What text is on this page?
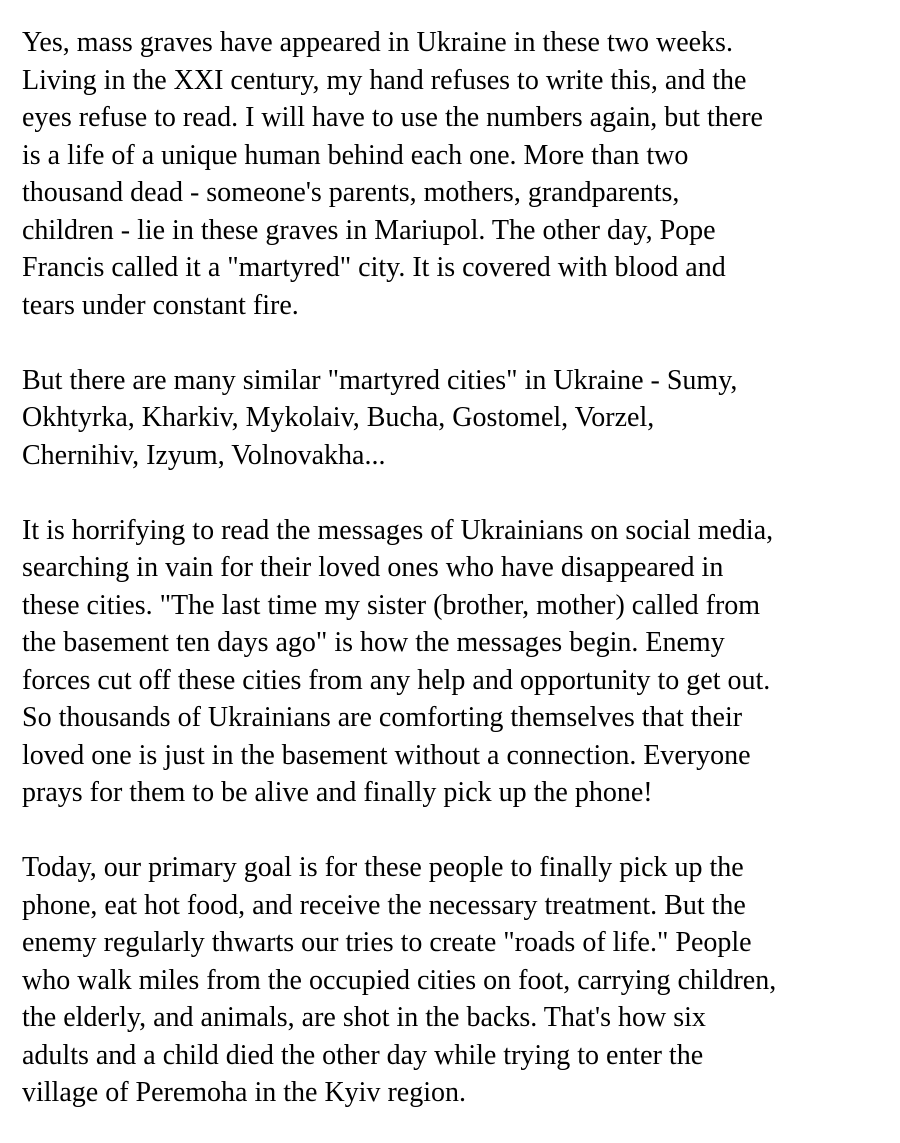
Yes, mass graves have appeared in Ukraine in these two weeks.
Living in the XXI century, my hand refuses to write this, and the
eyes refuse to read. I will have to use the numbers again, but there
is a life of a unique human behind each one. More than two
thousand dead - someone's parents, mothers, grandparents,
children - lie in these graves in Mariupol. The other day, Pope
Francis called it a "martyred" city. It is covered with blood and
tears under constant fire.
But there are many similar "martyred cities" in Ukraine - Sumy,
Okhtyrka, Kharkiv, Mykolaiv, Bucha, Gostomel, Vorzel,
Chernihiv, Izyum, Volnovakha...
It is horrifying to read the messages of Ukrainians on social media,
searching in vain for their loved ones who have disappeared in
these cities. "The last time my sister (brother, mother) called from
the basement ten days ago" is how the messages begin. Enemy
forces cut off these cities from any help and opportunity to get out.
So thousands of Ukrainians are comforting themselves that their
loved one is just in the basement without a connection. Everyone
prays for them to be alive and finally pick up the phone!
Today, our primary goal is for these people to finally pick up the
phone, eat hot food, and receive the necessary treatment. But the
enemy regularly thwarts our tries to create "roads of life." People
who walk miles from the occupied cities on foot, carrying children,
the elderly, and animals, are shot in the backs. That's how six
adults and a child died the other day while trying to enter the
village of Peremoha in the Kyiv region.
